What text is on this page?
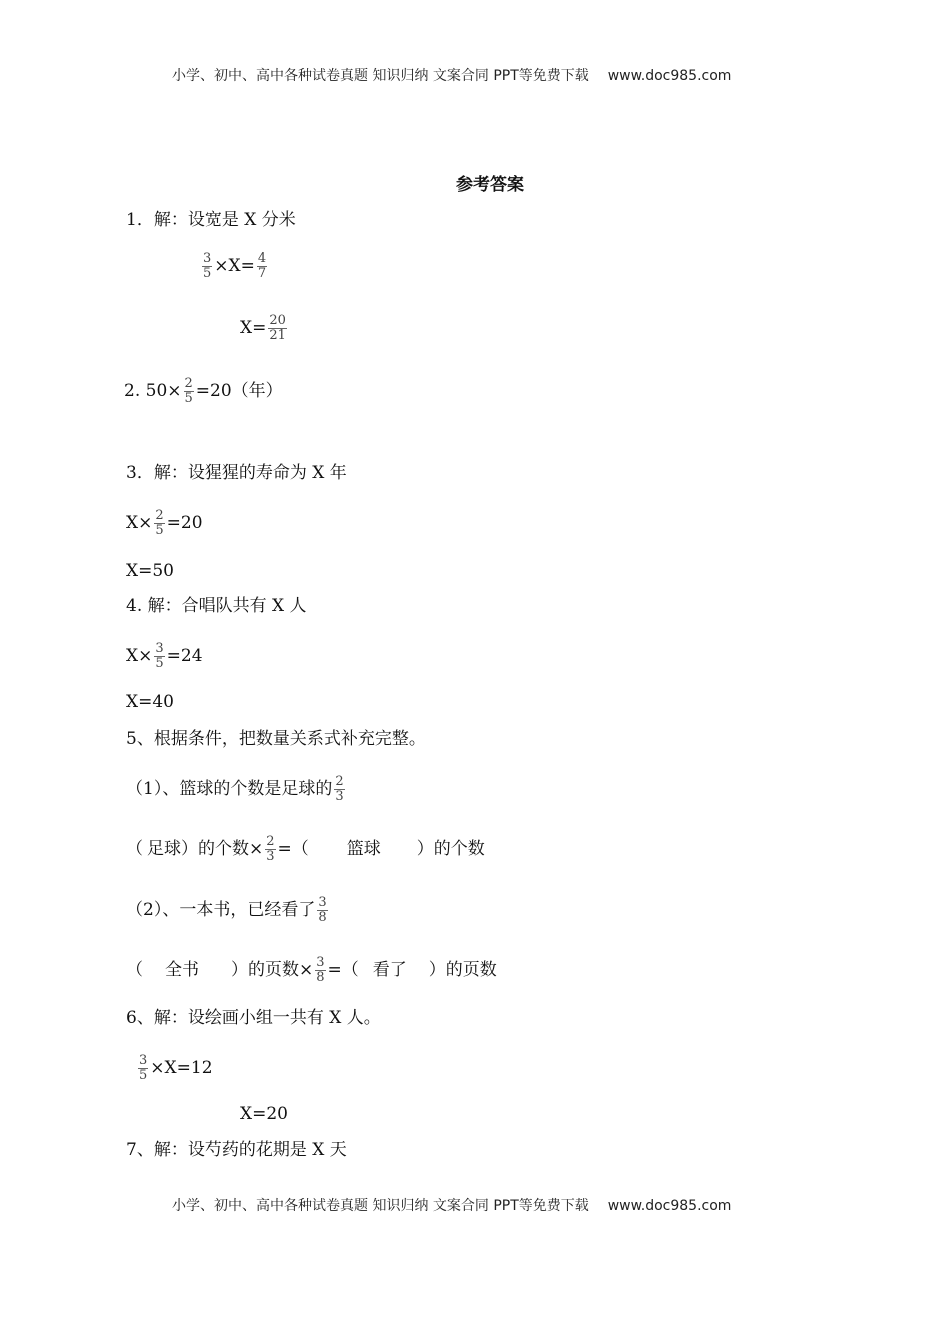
小学、初中、高中各种试卷真题 知识归纳 文案合同 PPT等免费下载 www.doc985.com
参考答案
1．解：设宽是 X 分米
$\frac{3}{5} \times X= \frac{4}{7}$
$X= \frac{20}{21}$
2. $50\times \frac{2}{5} =20$（年）
3．解：设猩猩的寿命为 X 年
$X\times \frac{2}{5} =20$
X=50
4. 解：合唱队共有 X 人
$X\times \frac{3}{5} =24$
X=40
5、根据条件，把数量关系式补充完整。
（1）、篮球的个数是足球的 $\frac{2}{3}$
（ 足球）的个数× $\frac{2}{3}$ =（ 篮球 ）的个数
（2）、一本书，已经看了 $\frac{3}{8}$
（ 全书 ）的页数× $\frac{3}{8}$ =（ 看了 ）的页数
6、解：设绘画小组一共有 X 人。
$\frac{3}{5} \times X=12$
X=20
7、解：设芍药的花期是 X 天
小学、初中、高中各种试卷真题 知识归纳 文案合同 PPT等免费下载 www.doc985.com
